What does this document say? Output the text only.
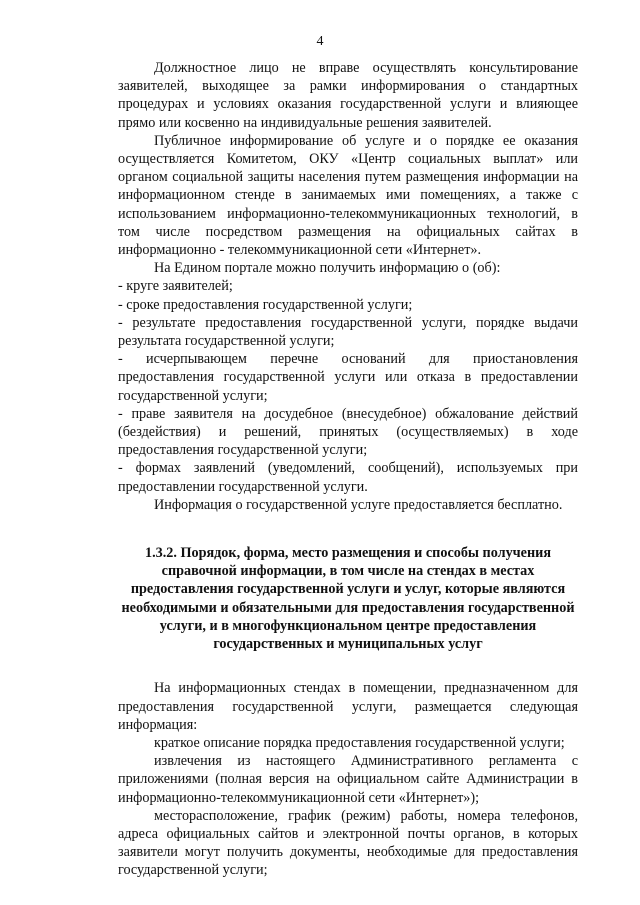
4

Должностное лицо не вправе осуществлять консультирование заявителей, выходящее за рамки информирования о стандартных процедурах и условиях оказания государственной услуги и влияющее прямо или косвенно на индивидуальные решения заявителей.

Публичное информирование об услуге и о порядке ее оказания осуществляется Комитетом, ОКУ «Центр социальных выплат» или органом социальной защиты населения путем размещения информации на информационном стенде в занимаемых ими помещениях, а также с использованием информационно-телекоммуникационных технологий, в том числе посредством размещения на официальных сайтах в информационно - телекоммуникационной сети «Интернет».

На Едином портале можно получить информацию о (об):

- круге заявителей;

- сроке предоставления государственной услуги;

- результате предоставления государственной услуги, порядке выдачи результата государственной услуги;

- исчерпывающем перечне оснований для приостановления предоставления государственной услуги или отказа в предоставлении государственной услуги;

- праве заявителя на досудебное (внесудебное) обжалование действий (бездействия) и решений, принятых (осуществляемых) в ходе предоставления государственной услуги;

- формах заявлений (уведомлений, сообщений), используемых при предоставлении государственной услуги.

Информация о государственной услуге предоставляется бесплатно.

1.3.2. Порядок, форма, место размещения и способы получения справочной информации, в том числе на стендах в местах предоставления государственной услуги и услуг, которые являются необходимыми и обязательными для предоставления государственной услуги, и в многофункциональном центре предоставления государственных и муниципальных услуг

На информационных стендах в помещении, предназначенном для предоставления государственной услуги, размещается следующая информация:

краткое описание порядка предоставления государственной услуги;

извлечения из настоящего Административного регламента с приложениями (полная версия на официальном сайте Администрации в информационно-телекоммуникационной сети «Интернет»);

месторасположение, график (режим) работы, номера телефонов, адреса официальных сайтов и электронной почты органов, в которых заявители могут получить документы, необходимые для предоставления государственной услуги;
